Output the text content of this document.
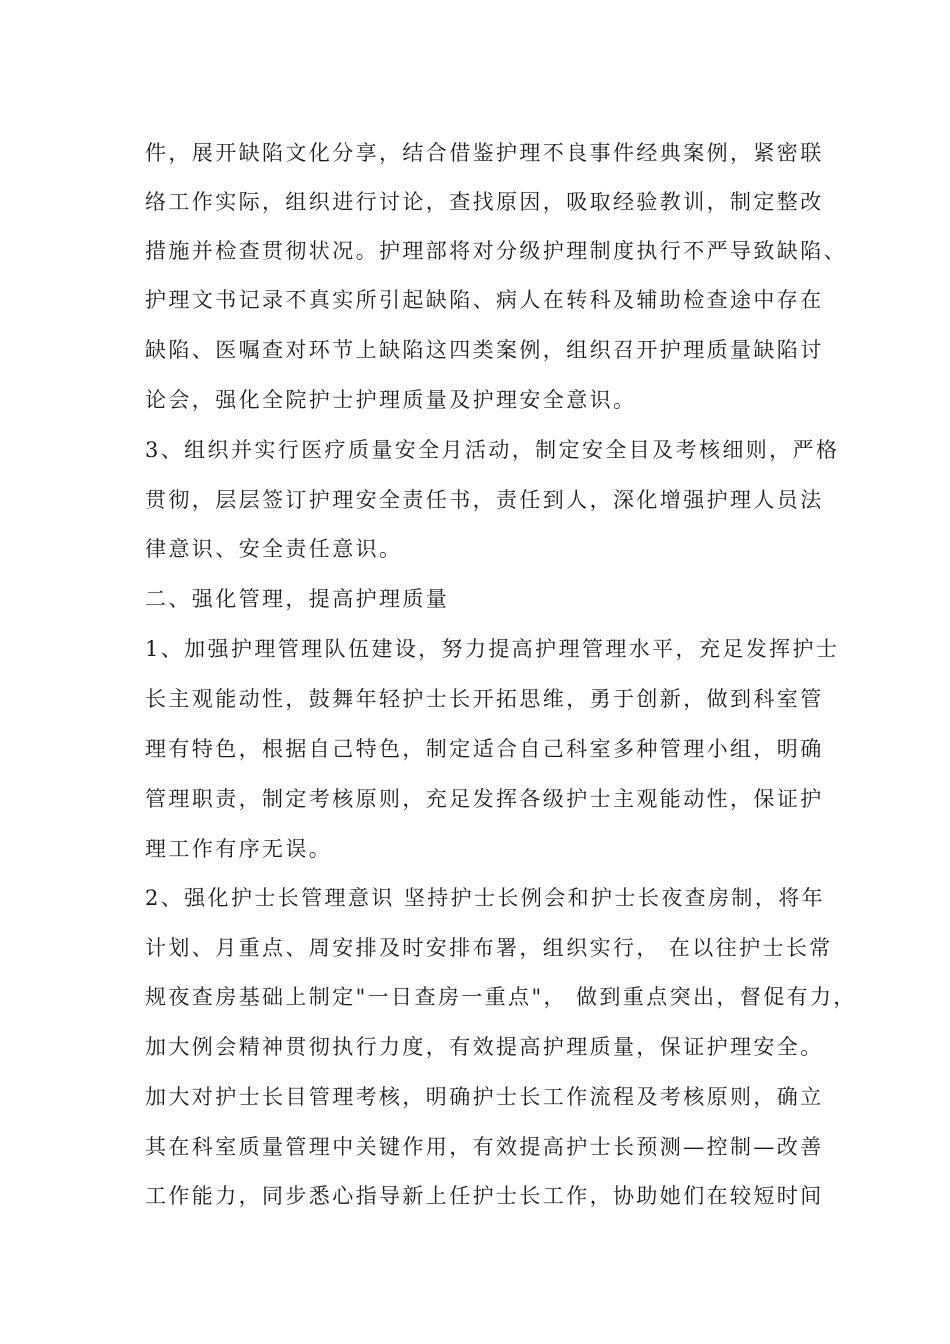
件，展开缺陷文化分享，结合借鉴护理不良事件经典案例，紧密联
络工作实际，组织进行讨论，查找原因，吸取经验教训，制定整改
措施并检查贯彻状况。护理部将对分级护理制度执行不严导致缺陷、
护理文书记录不真实所引起缺陷、病人在转科及辅助检查途中存在
缺陷、医嘱查对环节上缺陷这四类案例，组织召开护理质量缺陷讨
论会，强化全院护士护理质量及护理安全意识。
3、组织并实行医疗质量安全月活动，制定安全目及考核细则，严格
贯彻，层层签订护理安全责任书，责任到人，深化增强护理人员法
律意识、安全责任意识。
二、强化管理，提高护理质量
1、加强护理管理队伍建设，努力提高护理管理水平，充足发挥护士
长主观能动性，鼓舞年轻护士长开拓思维，勇于创新，做到科室管
理有特色，根据自己特色，制定适合自己科室多种管理小组，明确
管理职责，制定考核原则，充足发挥各级护士主观能动性，保证护
理工作有序无误。
2、强化护士长管理意识 坚持护士长例会和护士长夜查房制，将年
计划、月重点、周安排及时安排布署，组织实行， 在以往护士长常
规夜查房基础上制定"一日查房一重点"， 做到重点突出，督促有力，
加大例会精神贯彻执行力度，有效提高护理质量，保证护理安全。
加大对护士长目管理考核，明确护士长工作流程及考核原则，确立
其在科室质量管理中关键作用，有效提高护士长预测—控制—改善
工作能力，同步悉心指导新上任护士长工作，协助她们在较短时间
